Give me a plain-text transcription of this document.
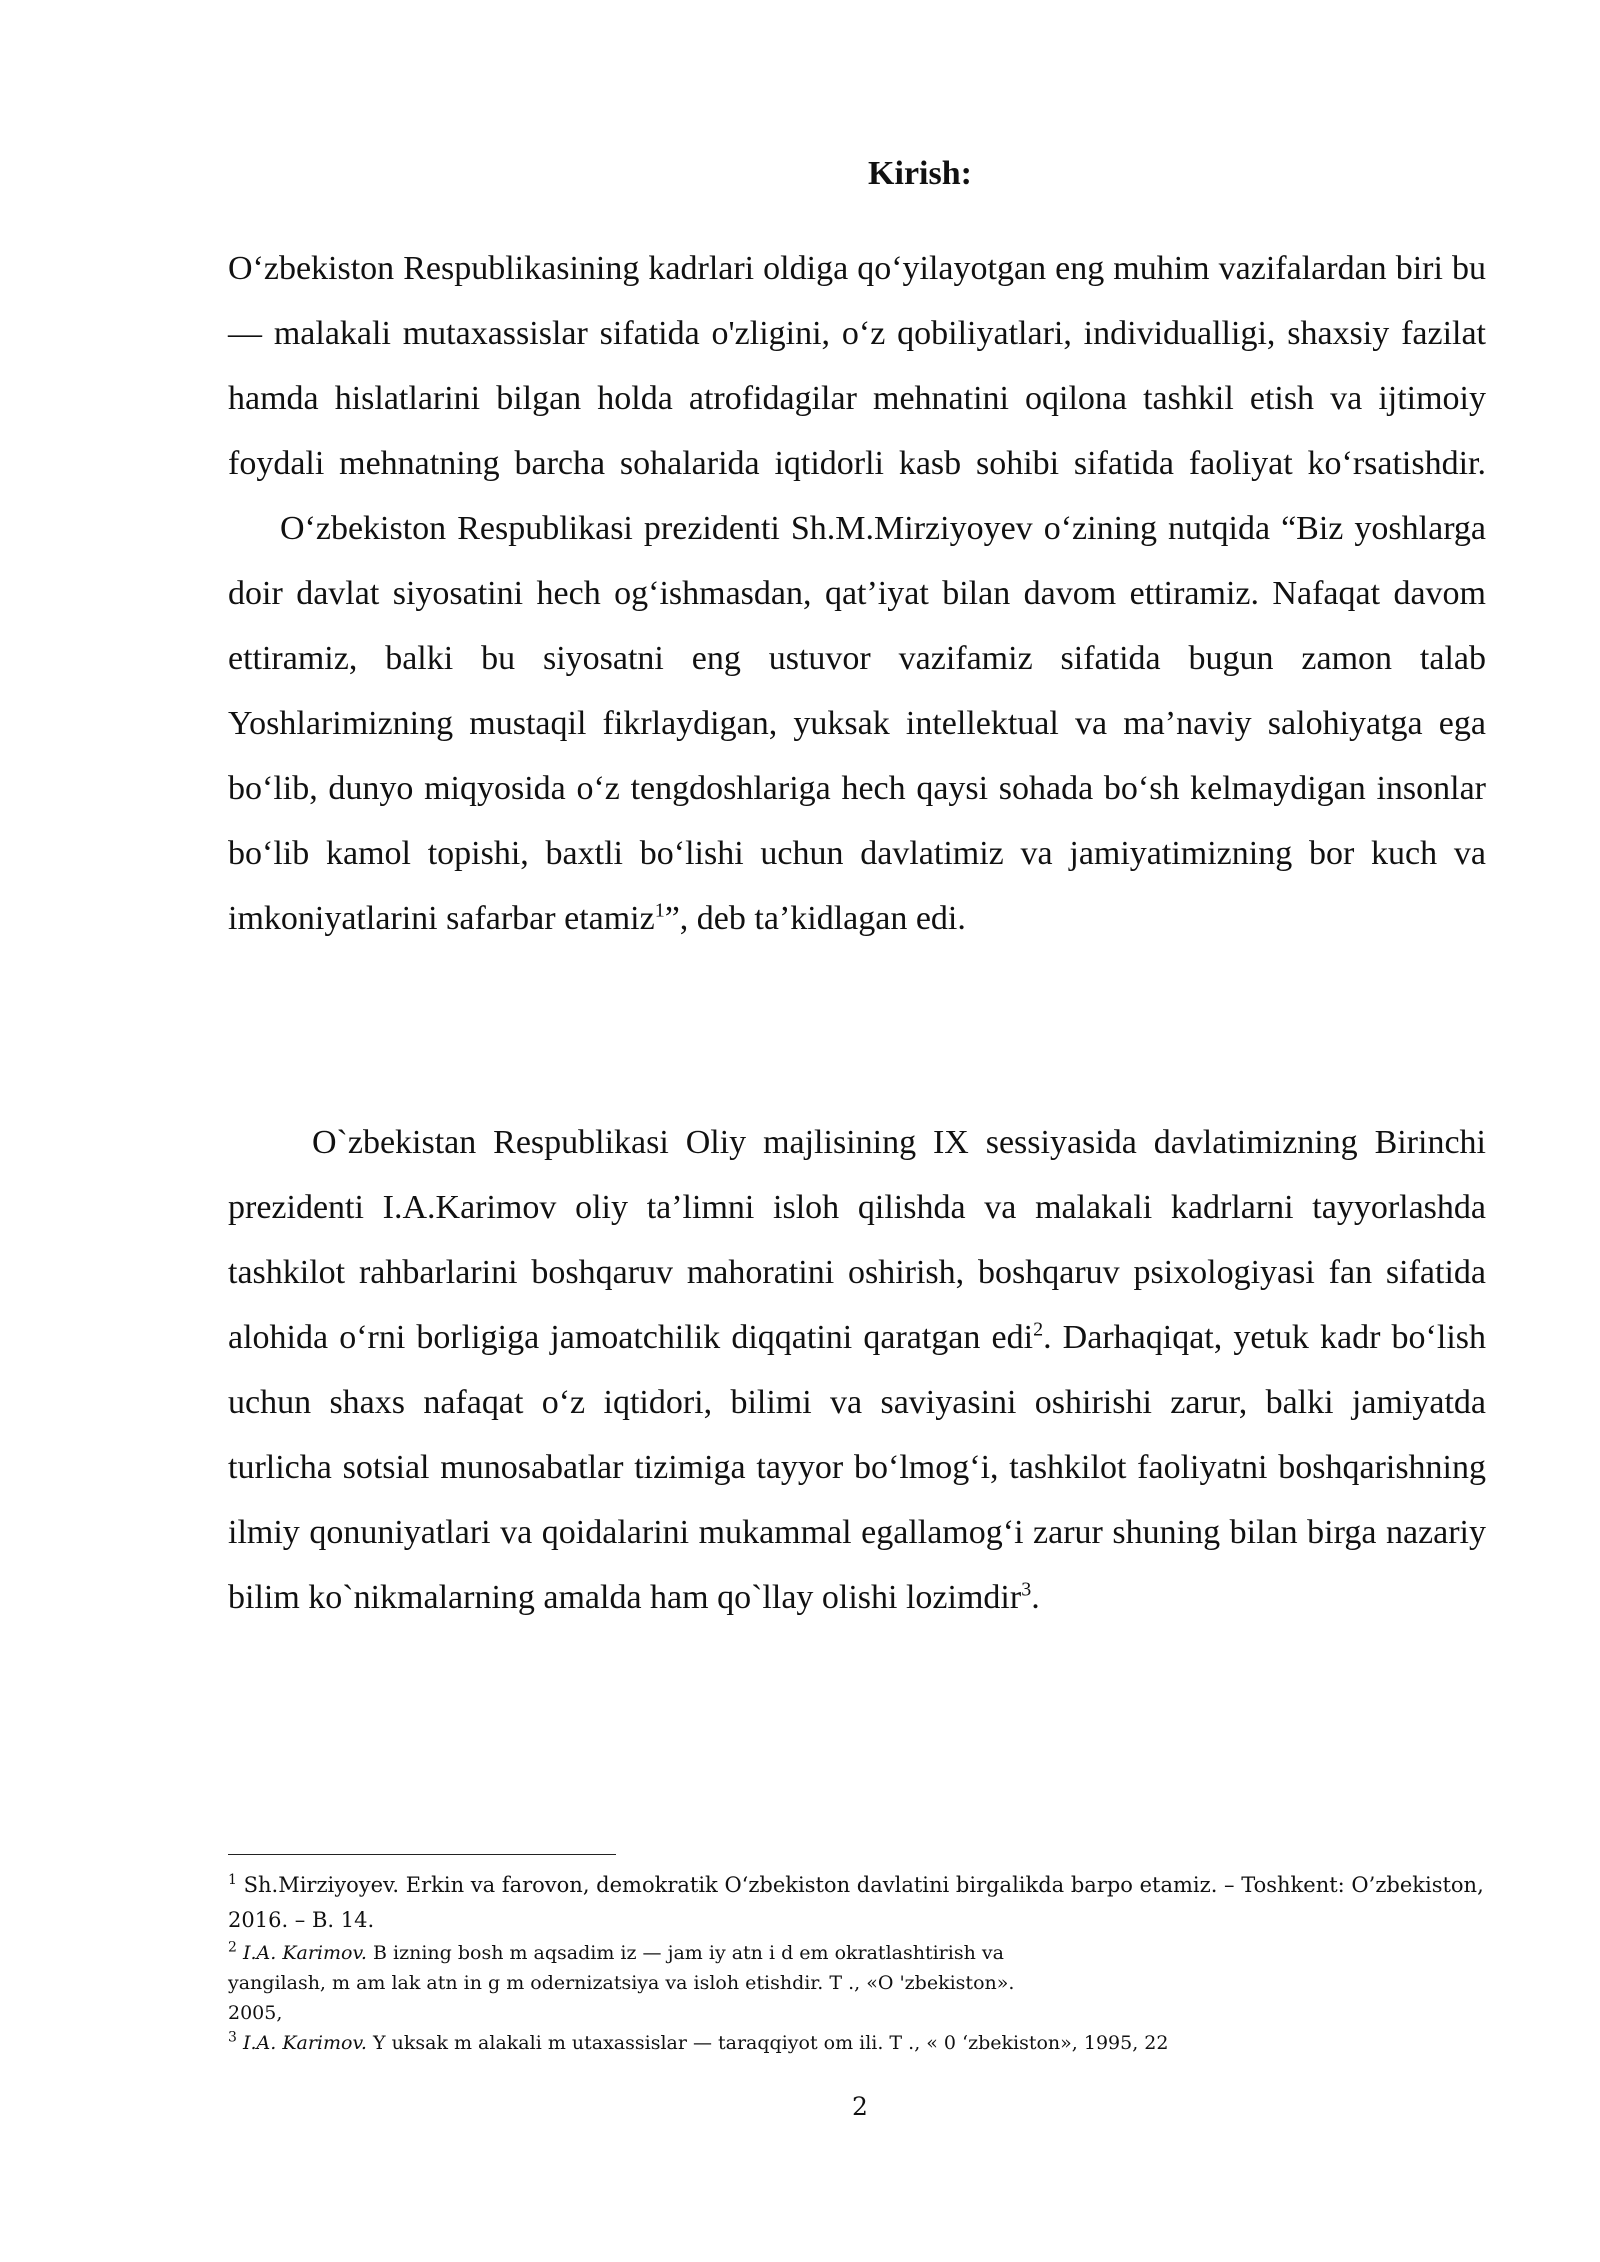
Kirish:
O‘zbekiston Respublikasining kadrlari oldiga qo‘yilayotgan eng muhim vazifalardan biri bu — malakali mutaxassislar sifatida o'zligini, o‘z qobiliyatlari, individualligi, shaxsiy fazilat hamda hislatlarini bilgan holda atrofidagilar mehnatini oqilona tashkil etish va ijtimoiy foydali mehnatning barcha sohalarida iqtidorli kasb sohibi sifatida faoliyat ko‘rsatishdir. O‘zbekiston Respublikasi prezidenti Sh.M.Mirziyoyev o‘zining nutqida “Biz yoshlarga doir davlat siyosatini hech og‘ishmasdan, qat’iyat bilan davom ettiramiz. Nafaqat davom ettiramiz, balki bu siyosatni eng ustuvor vazifamiz sifatida bugun zamon talab Yoshlarimizning mustaqil fikrlaydigan, yuksak intellektual va ma’naviy salohiyatga ega bo‘lib, dunyo miqyosida o‘z tengdoshlariga hech qaysi sohada bo‘sh kelmaydigan insonlar bo‘lib kamol topishi, baxtli bo‘lishi uchun davlatimiz va jamiyatimizning bor kuch va imkoniyatlarini safarbar etamiz$^1$”, deb ta’kidlagan edi.
O`zbekistan Respublikasi Oliy majlisining IX sessiyasida davlatimizning Birinchi prezidenti I.A.Karimov oliy ta’limni isloh qilishda va malakali kadrlarni tayyorlashda tashkilot rahbarlarini boshqaruv mahoratini oshirish, boshqaruv psixologiyasi fan sifatida alohida o‘rni borligiga jamoatchilik diqqatini qaratgan edi$^2$. Darhaqiqat, yetuk kadr bo‘lish uchun shaxs nafaqat o‘z iqtidori, bilimi va saviyasini oshirishi zarur, balki jamiyatda turlicha sotsial munosabatlar tizimiga tayyor bo‘lmog‘i, tashkilot faoliyatni boshqarishning ilmiy qonuniyatlari va qoidalarini mukammal egallamog‘i zarur shuning bilan birga nazariy bilim ko`nikmalarning amalda ham qo`llay olishi lozimdir$^3$.
$^1$ Sh.Mirziyoyev. Erkin va farovon, demokratik O‘zbekiston davlatini birgalikda barpo etamiz. – Toshkent: O’zbekiston,
2016. – B. 14.
$^2$ I.A. Karimov. B izning bosh m aqsadim iz — jam iy atn i d em okratlashtirish va
yangilash, m am lak atn in g m odernizatsiya va isloh etishdir. T ., «O 'zbekiston».
2005,
$^3$ I.A. Karimov. Y uksak m alakali m utaxassislar — taraqqiyot om ili. T ., « 0 ‘zbekiston», 1995, 22
2
